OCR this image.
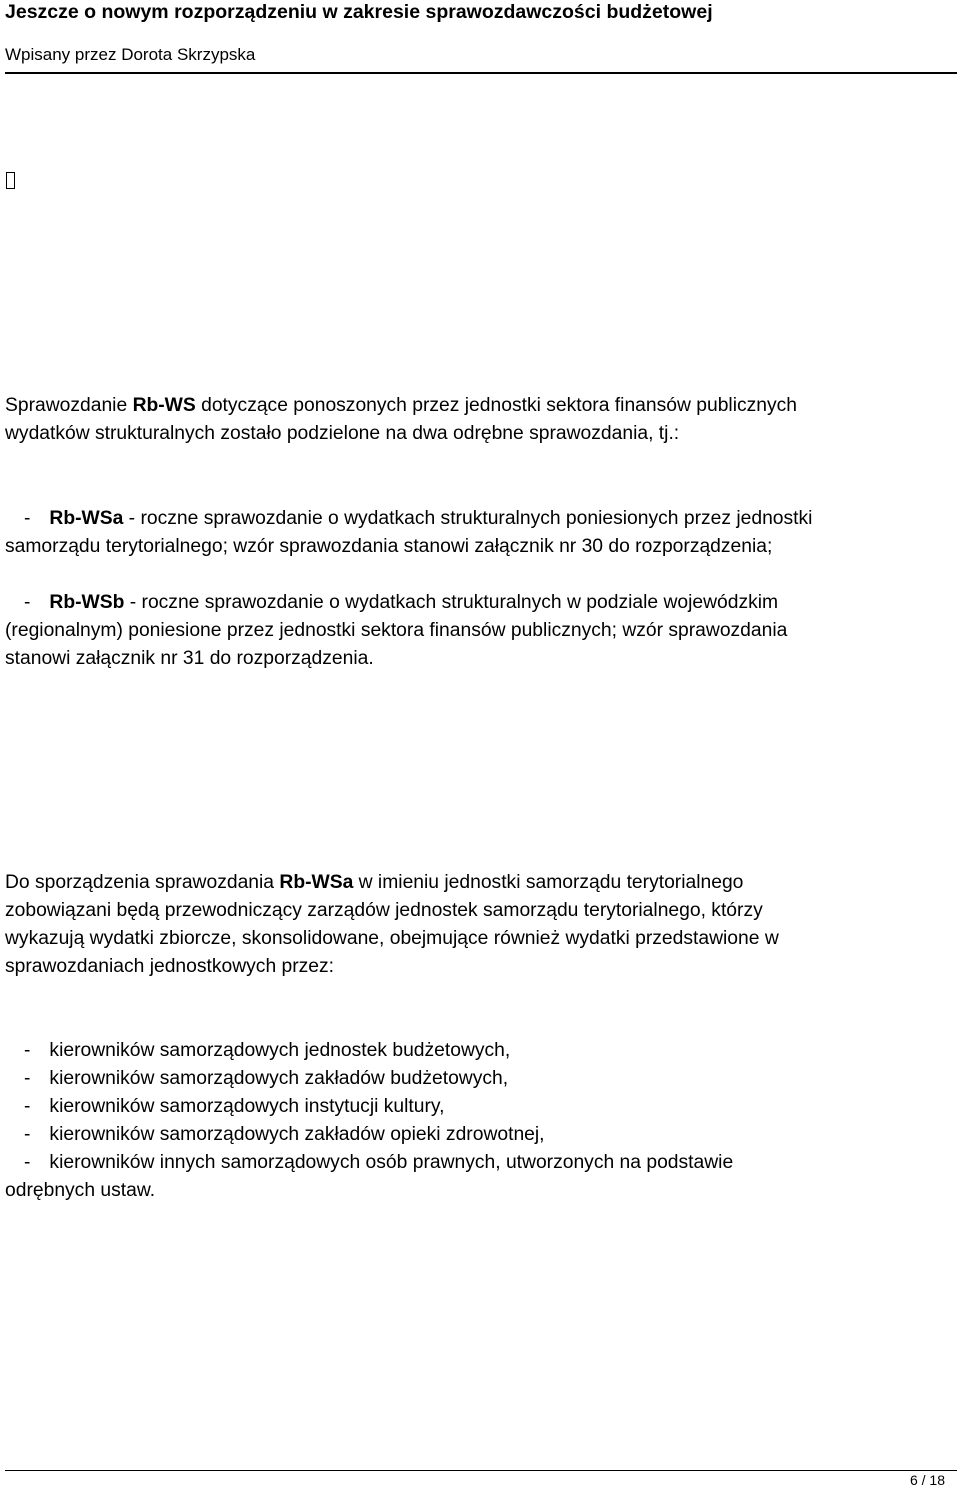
Jeszcze o nowym rozporządzeniu w zakresie sprawozdawczości budżetowej
Wpisany przez Dorota Skrzypska
Sprawozdanie Rb-WS dotyczące ponoszonych przez jednostki sektora finansów publicznych
wydatków strukturalnych zostało podzielone na dwa odrębne sprawozdania, tj.:
- Rb-WSa - roczne sprawozdanie o wydatkach strukturalnych poniesionych przez jednostki
samorządu terytorialnego; wzór sprawozdania stanowi załącznik nr 30 do rozporządzenia;
- Rb-WSb - roczne sprawozdanie o wydatkach strukturalnych w podziale wojewódzkim
(regionalnym) poniesione przez jednostki sektora finansów publicznych; wzór sprawozdania
stanowi załącznik nr 31 do rozporządzenia.
Do sporządzenia sprawozdania Rb-WSa w imieniu jednostki samorządu terytorialnego
zobowiązani będą przewodniczący zarządów jednostek samorządu terytorialnego, którzy
wykazują wydatki zbiorcze, skonsolidowane, obejmujące również wydatki przedstawione w
sprawozdaniach jednostkowych przez:
- kierowników samorządowych jednostek budżetowych,
- kierowników samorządowych zakładów budżetowych,
- kierowników samorządowych instytucji kultury,
- kierowników samorządowych zakładów opieki zdrowotnej,
- kierowników innych samorządowych osób prawnych, utworzonych na podstawie
odrębnych ustaw.
6 / 18
